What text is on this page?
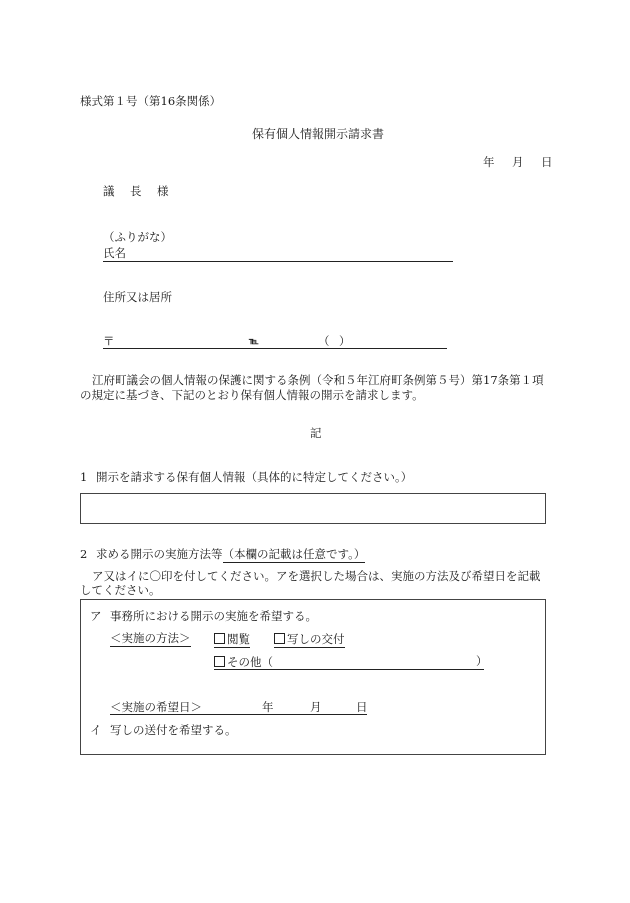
様式第１号（第16条関係）
保有個人情報開示請求書
年 月 日
議　長 様
（ふりがな）
氏名
住所又は居所
〒	℡	（ ）
江府町議会の個人情報の保護に関する条例（令和５年江府町条例第５号）第17条第１項
の規定に基づき、下記のとおり保有個人情報の開示を請求します。
記
1 開示を請求する保有個人情報（具体的に特定してください。）
2 求める開示の実施方法等（本欄の記載は任意です。）
ア又はイに〇印を付してください。アを選択した場合は、実施の方法及び希望日を記載
してください。
ア 事務所における開示の実施を希望する。
＜実施の方法＞	閲覧	写しの交付
その他（	）
＜実施の希望日＞	年	月	日
イ 写しの送付を希望する。
